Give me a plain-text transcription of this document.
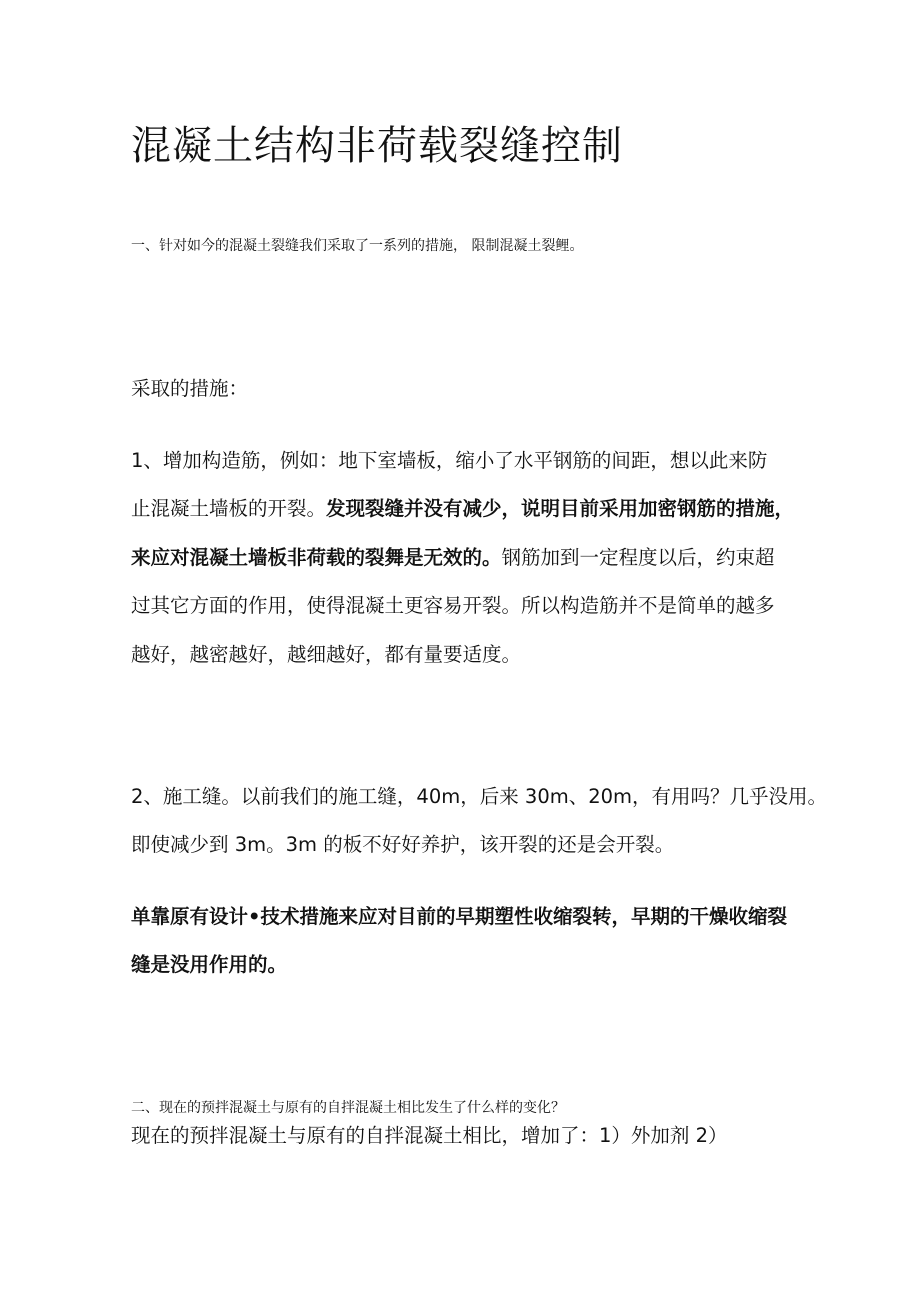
混凝土结构非荷载裂缝控制
一、针对如今的混凝土裂缝我们采取了一系列的措施， 限制混凝土裂鲤。
采取的措施：
1、增加构造筋，例如：地下室墙板，缩小了水平钢筋的间距，想以此来防
止混凝土墙板的开裂。发现裂缝并没有减少，说明目前采用加密钢筋的措施，
来应对混凝土墙板非荷载的裂舞是无效的。钢筋加到一定程度以后，约束超
过其它方面的作用，使得混凝土更容易开裂。所以构造筋并不是简单的越多
越好，越密越好，越细越好，都有量要适度。
2、施工缝。以前我们的施工缝，40m，后来 30m、20m，有用吗？几乎没用。
即使减少到 3m。3m 的板不好好养护，该开裂的还是会开裂。
单靠原有设计•技术措施来应对目前的早期塑性收缩裂转，早期的干燥收缩裂
缝是没用作用的。
二、现在的预拌混凝土与原有的自拌混凝土相比发生了什么样的变化？
现在的预拌混凝土与原有的自拌混凝土相比，增加了：1）外加剂 2）
